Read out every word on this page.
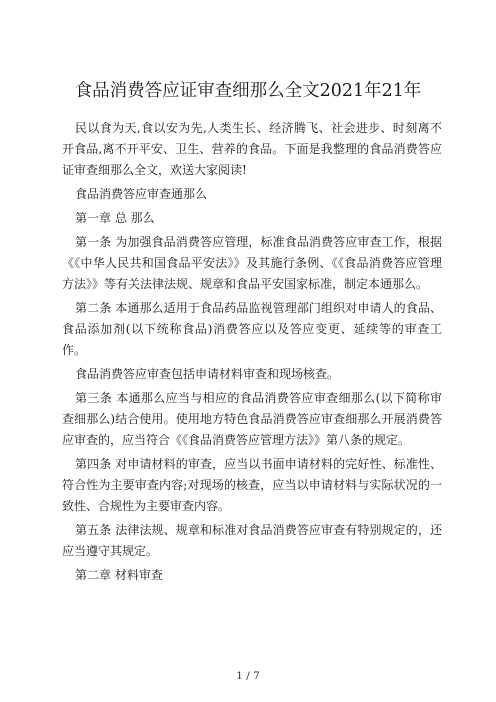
食品消费答应证审查细那么全文2021年21年

民以食为天,食以安为先,人类生长、经济腾飞、社会进步、时刻离不开食品,离不开平安、卫生、营养的食品。下面是我整理的食品消费答应证审查细那么全文，欢送大家阅读!

食品消费答应审查通那么

第一章 总 那么

第一条 为加强食品消费答应管理，标准食品消费答应审查工作，根据《《中华人民共和国食品平安法》》及其施行条例、《《食品消费答应管理方法》》等有关法律法规、规章和食品平安国家标准，制定本通那么。

第二条 本通那么适用于食品药品监视管理部门组织对申请人的食品、食品添加剂(以下统称食品)消费答应以及答应变更、延续等的审查工作。

食品消费答应审查包括申请材料审查和现场核查。

第三条 本通那么应当与相应的食品消费答应审查细那么(以下简称审查细那么)结合使用。使用地方特色食品消费答应审查细那么开展消费答应审查的，应当符合《《食品消费答应管理方法》》第八条的规定。

第四条 对申请材料的审查，应当以书面申请材料的完好性、标准性、符合性为主要审查内容;对现场的核查，应当以申请材料与实际状况的一致性、合规性为主要审查内容。

第五条 法律法规、规章和标准对食品消费答应审查有特别规定的，还应当遵守其规定。

第二章 材料审查

1 / 7
